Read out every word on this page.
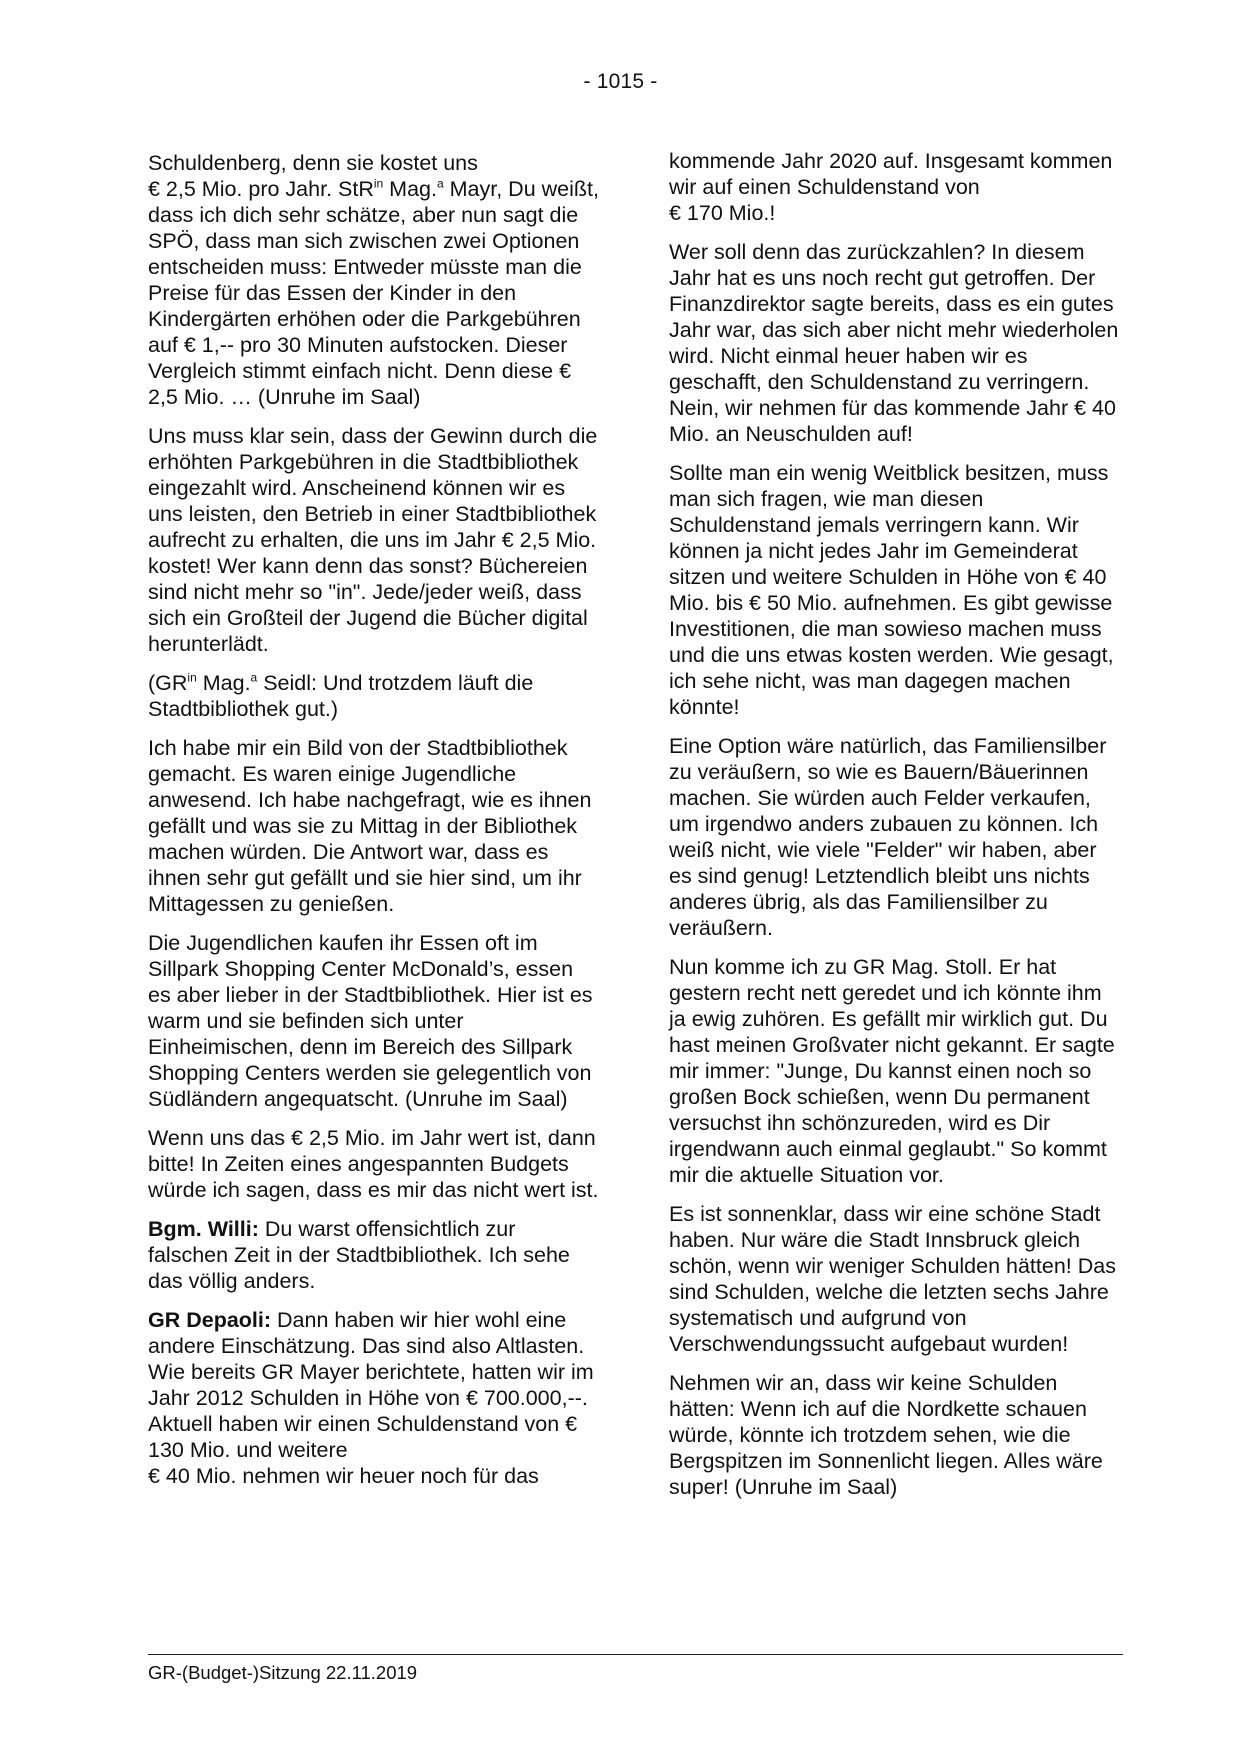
- 1015 -

Schuldenberg, denn sie kostet uns
€ 2,5 Mio. pro Jahr. StR$^{in}$ Mag.$^a$ Mayr, Du weißt, dass ich dich sehr schätze, aber nun sagt die SPÖ, dass man sich zwischen zwei Optionen entscheiden muss: Entweder müsste man die Preise für das Essen der Kinder in den Kindergärten erhöhen oder die Parkgebühren auf € 1,-- pro 30 Minuten aufstocken. Dieser Vergleich stimmt einfach nicht. Denn diese € 2,5 Mio. … (Unruhe im Saal)

Uns muss klar sein, dass der Gewinn durch die erhöhten Parkgebühren in die Stadtbibliothek eingezahlt wird. Anscheinend können wir es uns leisten, den Betrieb in einer Stadtbibliothek aufrecht zu erhalten, die uns im Jahr € 2,5 Mio. kostet! Wer kann denn das sonst? Büchereien sind nicht mehr so "in". Jede/jeder weiß, dass sich ein Großteil der Jugend die Bücher digital herunterlädt.

($GR^{in}$ Mag.$^a$ Seidl: Und trotzdem läuft die Stadtbibliothek gut.)

Ich habe mir ein Bild von der Stadtbibliothek gemacht. Es waren einige Jugendliche anwesend. Ich habe nachgefragt, wie es ihnen gefällt und was sie zu Mittag in der Bibliothek machen würden. Die Antwort war, dass es ihnen sehr gut gefällt und sie hier sind, um ihr Mittagessen zu genießen.

Die Jugendlichen kaufen ihr Essen oft im Sillpark Shopping Center McDonald’s, essen es aber lieber in der Stadtbibliothek. Hier ist es warm und sie befinden sich unter Einheimischen, denn im Bereich des Sillpark Shopping Centers werden sie gelegentlich von Südländern angequatscht. (Unruhe im Saal)

Wenn uns das € 2,5 Mio. im Jahr wert ist, dann bitte! In Zeiten eines angespannten Budgets würde ich sagen, dass es mir das nicht wert ist.

Bgm. Willi: Du warst offensichtlich zur falschen Zeit in der Stadtbibliothek. Ich sehe das völlig anders.

GR Depaoli: Dann haben wir hier wohl eine andere Einschätzung. Das sind also Altlasten. Wie bereits GR Mayer berichtete, hatten wir im Jahr 2012 Schulden in Höhe von € 700.000,--. Aktuell haben wir einen Schuldenstand von € 130 Mio. und weitere
€ 40 Mio. nehmen wir heuer noch für das

kommende Jahr 2020 auf. Insgesamt kommen wir auf einen Schuldenstand von
€ 170 Mio.!

Wer soll denn das zurückzahlen? In diesem Jahr hat es uns noch recht gut getroffen. Der Finanzdirektor sagte bereits, dass es ein gutes Jahr war, das sich aber nicht mehr wiederholen wird. Nicht einmal heuer haben wir es geschafft, den Schuldenstand zu verringern. Nein, wir nehmen für das kommende Jahr € 40 Mio. an Neuschulden auf!

Sollte man ein wenig Weitblick besitzen, muss man sich fragen, wie man diesen Schuldenstand jemals verringern kann. Wir können ja nicht jedes Jahr im Gemeinderat sitzen und weitere Schulden in Höhe von € 40 Mio. bis € 50 Mio. aufnehmen. Es gibt gewisse Investitionen, die man sowieso machen muss und die uns etwas kosten werden. Wie gesagt, ich sehe nicht, was man dagegen machen könnte!

Eine Option wäre natürlich, das Familiensilber zu veräußern, so wie es Bauern/Bäuerinnen machen. Sie würden auch Felder verkaufen, um irgendwo anders zubauen zu können. Ich weiß nicht, wie viele "Felder" wir haben, aber es sind genug! Letztendlich bleibt uns nichts anderes übrig, als das Familiensilber zu veräußern.

Nun komme ich zu GR Mag. Stoll. Er hat gestern recht nett geredet und ich könnte ihm ja ewig zuhören. Es gefällt mir wirklich gut. Du hast meinen Großvater nicht gekannt. Er sagte mir immer: "Junge, Du kannst einen noch so großen Bock schießen, wenn Du permanent versuchst ihn schönzureden, wird es Dir irgendwann auch einmal geglaubt." So kommt mir die aktuelle Situation vor.

Es ist sonnenklar, dass wir eine schöne Stadt haben. Nur wäre die Stadt Innsbruck gleich schön, wenn wir weniger Schulden hätten! Das sind Schulden, welche die letzten sechs Jahre systematisch und aufgrund von Verschwendungssucht aufgebaut wurden!

Nehmen wir an, dass wir keine Schulden hätten: Wenn ich auf die Nordkette schauen würde, könnte ich trotzdem sehen, wie die Bergspitzen im Sonnenlicht liegen. Alles wäre super! (Unruhe im Saal)

GR-(Budget-)Sitzung 22.11.2019
